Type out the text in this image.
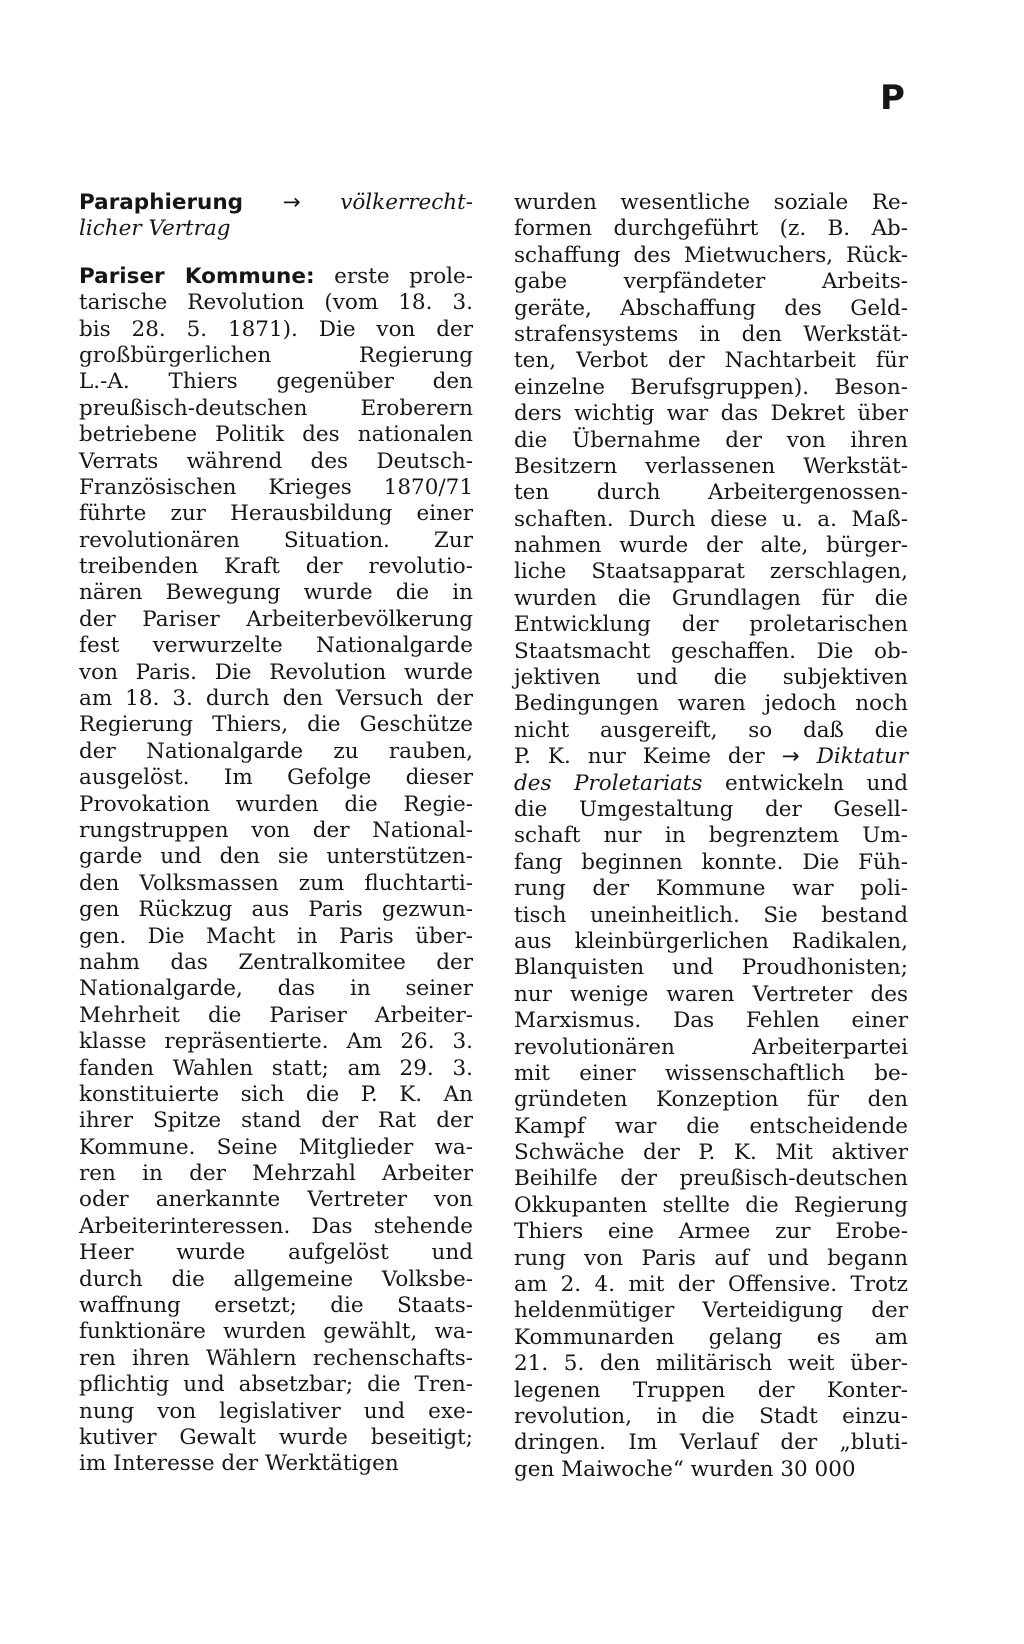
P
Paraphierung → völkerrecht-
licher Vertrag
Pariser Kommune: erste prole-
tarische Revolution (vom 18. 3.
bis 28. 5. 1871). Die von der
großbürgerlichen Regierung
L.-A. Thiers gegenüber den
preußisch-deutschen Eroberern
betriebene Politik des nationalen
Verrats während des Deutsch-
Französischen Krieges 1870/71
führte zur Herausbildung einer
revolutionären Situation. Zur
treibenden Kraft der revolutio-
nären Bewegung wurde die in
der Pariser Arbeiterbevölkerung
fest verwurzelte Nationalgarde
von Paris. Die Revolution wurde
am 18. 3. durch den Versuch der
Regierung Thiers, die Geschütze
der Nationalgarde zu rauben,
ausgelöst. Im Gefolge dieser
Provokation wurden die Regie-
rungstruppen von der National-
garde und den sie unterstützen-
den Volksmassen zum fluchtarti-
gen Rückzug aus Paris gezwun-
gen. Die Macht in Paris über-
nahm das Zentralkomitee der
Nationalgarde, das in seiner
Mehrheit die Pariser Arbeiter-
klasse repräsentierte. Am 26. 3.
fanden Wahlen statt; am 29. 3.
konstituierte sich die P. K. An
ihrer Spitze stand der Rat der
Kommune. Seine Mitglieder wa-
ren in der Mehrzahl Arbeiter
oder anerkannte Vertreter von
Arbeiterinteressen. Das stehende
Heer wurde aufgelöst und
durch die allgemeine Volksbe-
waffnung ersetzt; die Staats-
funktionäre wurden gewählt, wa-
ren ihren Wählern rechenschafts-
pflichtig und absetzbar; die Tren-
nung von legislativer und exe-
kutiver Gewalt wurde beseitigt;
im Interesse der Werktätigen
wurden wesentliche soziale Re-
formen durchgeführt (z. B. Ab-
schaffung des Mietwuchers, Rück-
gabe verpfändeter Arbeits-
geräte, Abschaffung des Geld-
strafensystems in den Werkstät-
ten, Verbot der Nachtarbeit für
einzelne Berufsgruppen). Beson-
ders wichtig war das Dekret über
die Übernahme der von ihren
Besitzern verlassenen Werkstät-
ten durch Arbeitergenossen-
schaften. Durch diese u. a. Maß-
nahmen wurde der alte, bürger-
liche Staatsapparat zerschlagen,
wurden die Grundlagen für die
Entwicklung der proletarischen
Staatsmacht geschaffen. Die ob-
jektiven und die subjektiven
Bedingungen waren jedoch noch
nicht ausgereift, so daß die
P. K. nur Keime der → Diktatur
des Proletariats entwickeln und
die Umgestaltung der Gesell-
schaft nur in begrenztem Um-
fang beginnen konnte. Die Füh-
rung der Kommune war poli-
tisch uneinheitlich. Sie bestand
aus kleinbürgerlichen Radikalen,
Blanquisten und Proudhonisten;
nur wenige waren Vertreter des
Marxismus. Das Fehlen einer
revolutionären Arbeiterpartei
mit einer wissenschaftlich be-
gründeten Konzeption für den
Kampf war die entscheidende
Schwäche der P. K. Mit aktiver
Beihilfe der preußisch-deutschen
Okkupanten stellte die Regierung
Thiers eine Armee zur Erobe-
rung von Paris auf und begann
am 2. 4. mit der Offensive. Trotz
heldenmütiger Verteidigung der
Kommunarden gelang es am
21. 5. den militärisch weit über-
legenen Truppen der Konter-
revolution, in die Stadt einzu-
dringen. Im Verlauf der „bluti-
gen Maiwoche“ wurden 30 000
